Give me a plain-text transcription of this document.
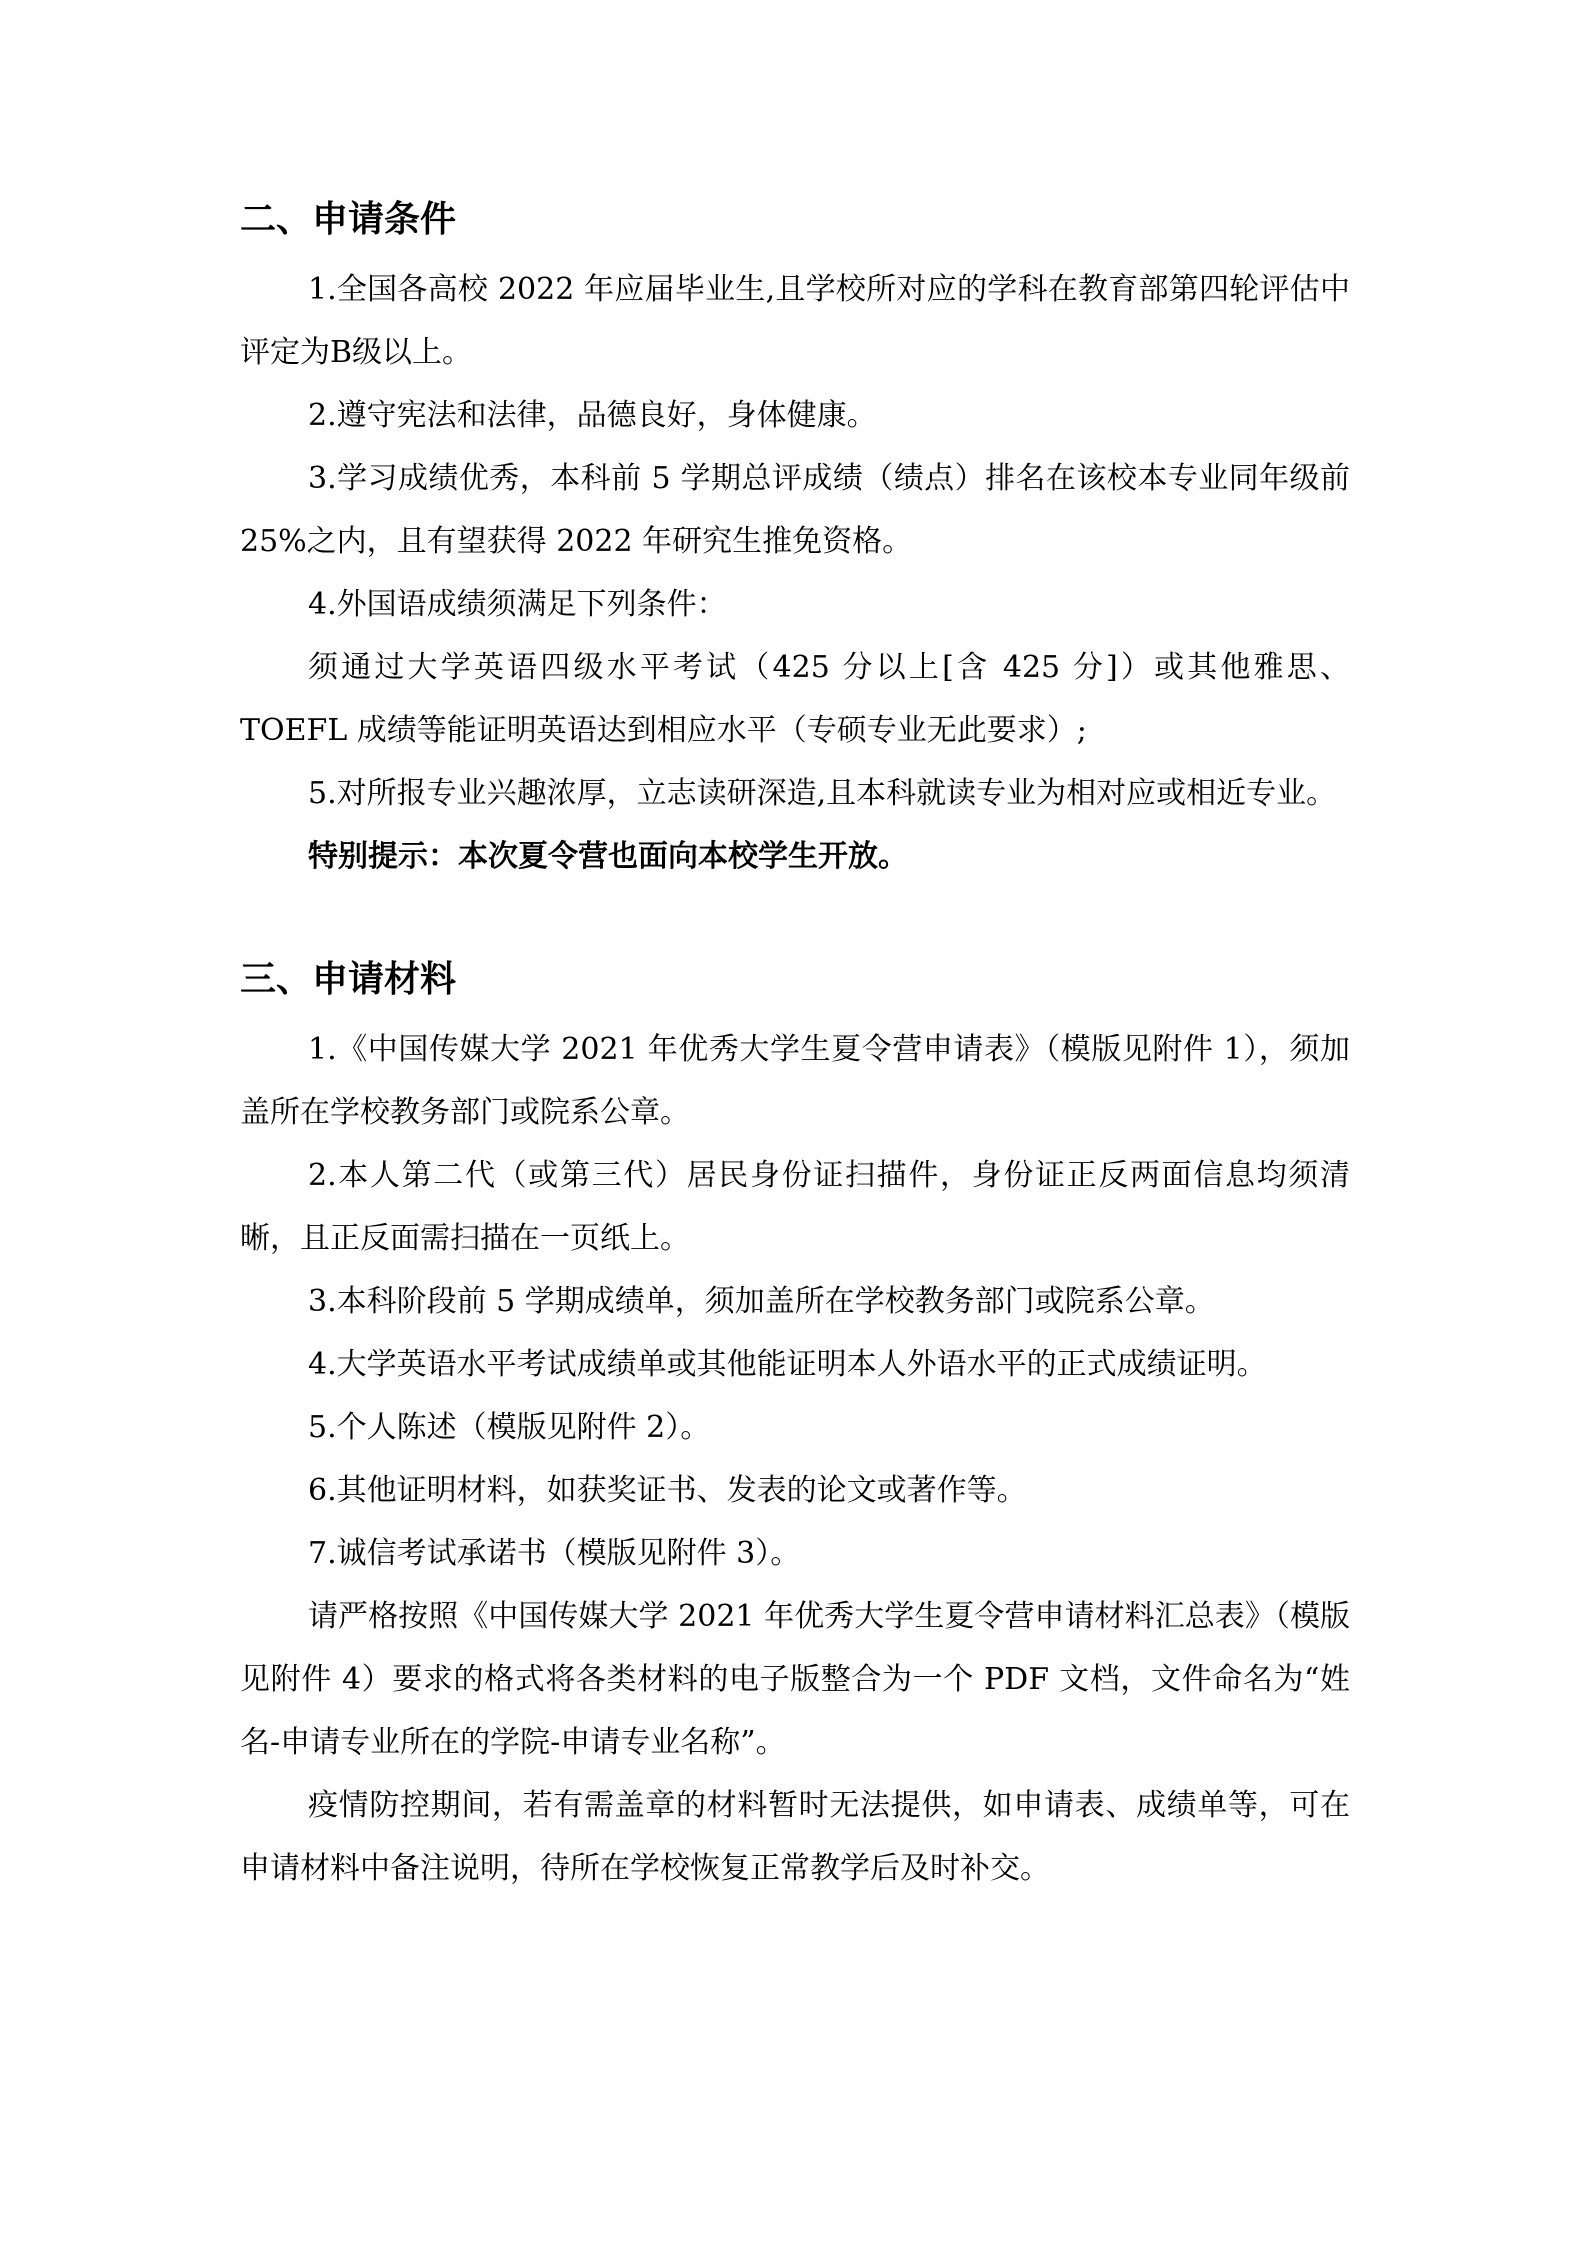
二、申请条件

1.全国各高校 2022 年应届毕业生,且学校所对应的学科在教育部第四轮评估中评定为B级以上。

2.遵守宪法和法律，品德良好，身体健康。

3.学习成绩优秀，本科前 5 学期总评成绩（绩点）排名在该校本专业同年级前 25%之内，且有望获得 2022 年研究生推免资格。

4.外国语成绩须满足下列条件：

须通过大学英语四级水平考试（425 分以上[含 425 分]）或其他雅思、TOEFL 成绩等能证明英语达到相应水平（专硕专业无此要求）;

5.对所报专业兴趣浓厚，立志读研深造,且本科就读专业为相对应或相近专业。

特别提示：本次夏令营也面向本校学生开放。

三、申请材料

1.《中国传媒大学 2021 年优秀大学生夏令营申请表》（模版见附件 1），须加盖所在学校教务部门或院系公章。

2.本人第二代（或第三代）居民身份证扫描件，身份证正反两面信息均须清晰，且正反面需扫描在一页纸上。

3.本科阶段前 5 学期成绩单，须加盖所在学校教务部门或院系公章。

4.大学英语水平考试成绩单或其他能证明本人外语水平的正式成绩证明。

5.个人陈述（模版见附件 2）。

6.其他证明材料，如获奖证书、发表的论文或著作等。

7.诚信考试承诺书（模版见附件 3）。

请严格按照《中国传媒大学 2021 年优秀大学生夏令营申请材料汇总表》（模版见附件 4）要求的格式将各类材料的电子版整合为一个 PDF 文档，文件命名为“姓名-申请专业所在的学院-申请专业名称”。

疫情防控期间，若有需盖章的材料暂时无法提供，如申请表、成绩单等，可在申请材料中备注说明，待所在学校恢复正常教学后及时补交。
